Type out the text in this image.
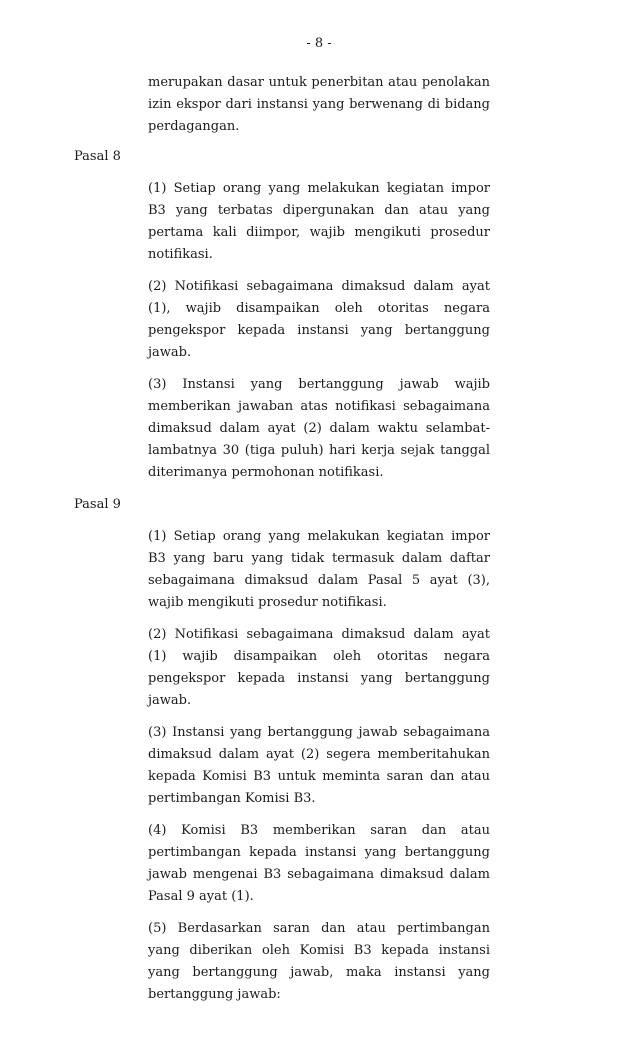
- 8 -
merupakan dasar untuk penerbitan atau penolakan izin ekspor dari instansi yang berwenang di bidang perdagangan.
Pasal 8

(1) Setiap orang yang melakukan kegiatan impor B3 yang terbatas dipergunakan dan atau yang pertama kali diimpor, wajib mengikuti prosedur notifikasi.

(2) Notifikasi sebagaimana dimaksud dalam ayat (1), wajib disampaikan oleh otoritas negara pengekspor kepada instansi yang bertanggung jawab.

(3) Instansi yang bertanggung jawab wajib memberikan jawaban atas notifikasi sebagaimana dimaksud dalam ayat (2) dalam waktu selambat-lambatnya 30 (tiga puluh) hari kerja sejak tanggal diterimanya permohonan notifikasi.

Pasal 9

(1) Setiap orang yang melakukan kegiatan impor B3 yang baru yang tidak termasuk dalam daftar sebagaimana dimaksud dalam Pasal 5 ayat (3), wajib mengikuti prosedur notifikasi.

(2) Notifikasi sebagaimana dimaksud dalam ayat (1) wajib disampaikan oleh otoritas negara pengekspor kepada instansi yang bertanggung jawab.

(3) Instansi yang bertanggung jawab sebagaimana dimaksud dalam ayat (2) segera memberitahukan kepada Komisi B3 untuk meminta saran dan atau pertimbangan Komisi B3.

(4) Komisi B3 memberikan saran dan atau pertimbangan kepada instansi yang bertanggung jawab mengenai B3 sebagaimana dimaksud dalam Pasal 9 ayat (1).

(5) Berdasarkan saran dan atau pertimbangan yang diberikan oleh Komisi B3 kepada instansi yang bertanggung jawab, maka instansi yang bertanggung jawab:
